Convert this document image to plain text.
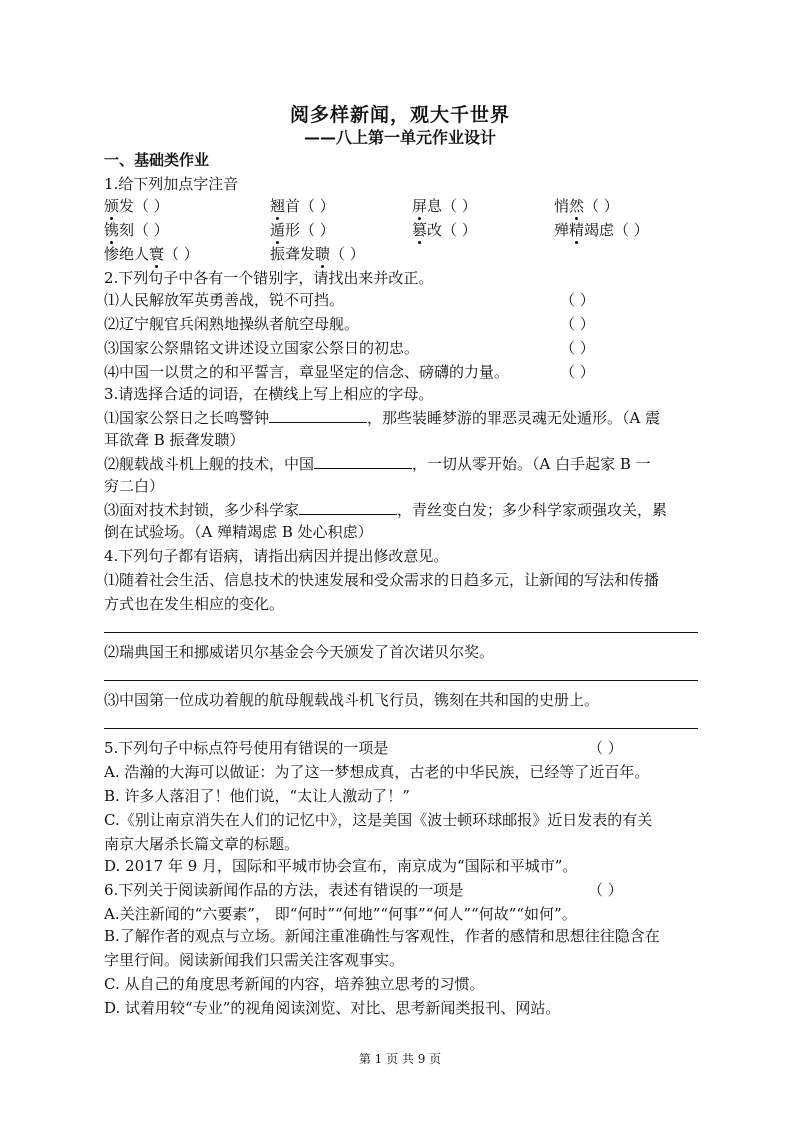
阅多样新闻，观大千世界
——八上第一单元作业设计
一、基础类作业
1.给下列加点字注音
颁发（ ）	翘首（ ）	屏息（ ）	悄然（ ）
镌刻（ ）	遁形（ ）	篡改（ ）	殚精竭虑（ ）
惨绝人寰（ ）	振聋发聩（ ）
2.下列句子中各有一个错别字，请找出来并改正。
⑴人民解放军英勇善战，锐不可挡。	（ ）
⑵辽宁舰官兵闲熟地操纵者航空母舰。	（ ）
⑶国家公祭鼎铭文讲述设立国家公祭日的初忠。	（ ）
⑷中国一以贯之的和平誓言，章显坚定的信念、磅礴的力量。	（ ）
3.请选择合适的词语，在横线上写上相应的字母。
⑴国家公祭日之长鸣警钟	，那些装睡梦游的罪恶灵魂无处遁形。（A 震
耳欲聋 B 振聋发聩）
⑵舰载战斗机上舰的技术，中国	，一切从零开始。（A 白手起家 B 一
穷二白）
⑶面对技术封锁，多少科学家	，青丝变白发；多少科学家顽强攻关，累
倒在试验场。（A 殚精竭虑 B 处心积虑）
4.下列句子都有语病，请指出病因并提出修改意见。
⑴随着社会生活、信息技术的快速发展和受众需求的日趋多元，让新闻的写法和传播
方式也在发生相应的变化。
⑵瑞典国王和挪威诺贝尔基金会今天颁发了首次诺贝尔奖。
⑶中国第一位成功着舰的航母舰载战斗机飞行员，镌刻在共和国的史册上。
5.下列句子中标点符号使用有错误的一项是	（ ）
A. 浩瀚的大海可以做证：为了这一梦想成真，古老的中华民族，已经等了近百年。
B. 许多人落泪了！他们说，“太让人激动了！”
C.《别让南京消失在人们的记忆中》，这是美国《波士顿环球邮报》近日发表的有关
南京大屠杀长篇文章的标题。
D. 2017 年 9 月，国际和平城市协会宣布，南京成为“国际和平城市”。
6.下列关于阅读新闻作品的方法，表述有错误的一项是	（ ）
A.关注新闻的“六要素”， 即“何时”“何地”“何事”“何人”“何故”“如何”。
B.了解作者的观点与立场。新闻注重准确性与客观性，作者的感情和思想往往隐含在
字里行间。阅读新闻我们只需关注客观事实。
C. 从自己的角度思考新闻的内容，培养独立思考的习惯。
D. 试着用较“专业”的视角阅读浏览、对比、思考新闻类报刊、网站。
第 1 页 共 9 页
